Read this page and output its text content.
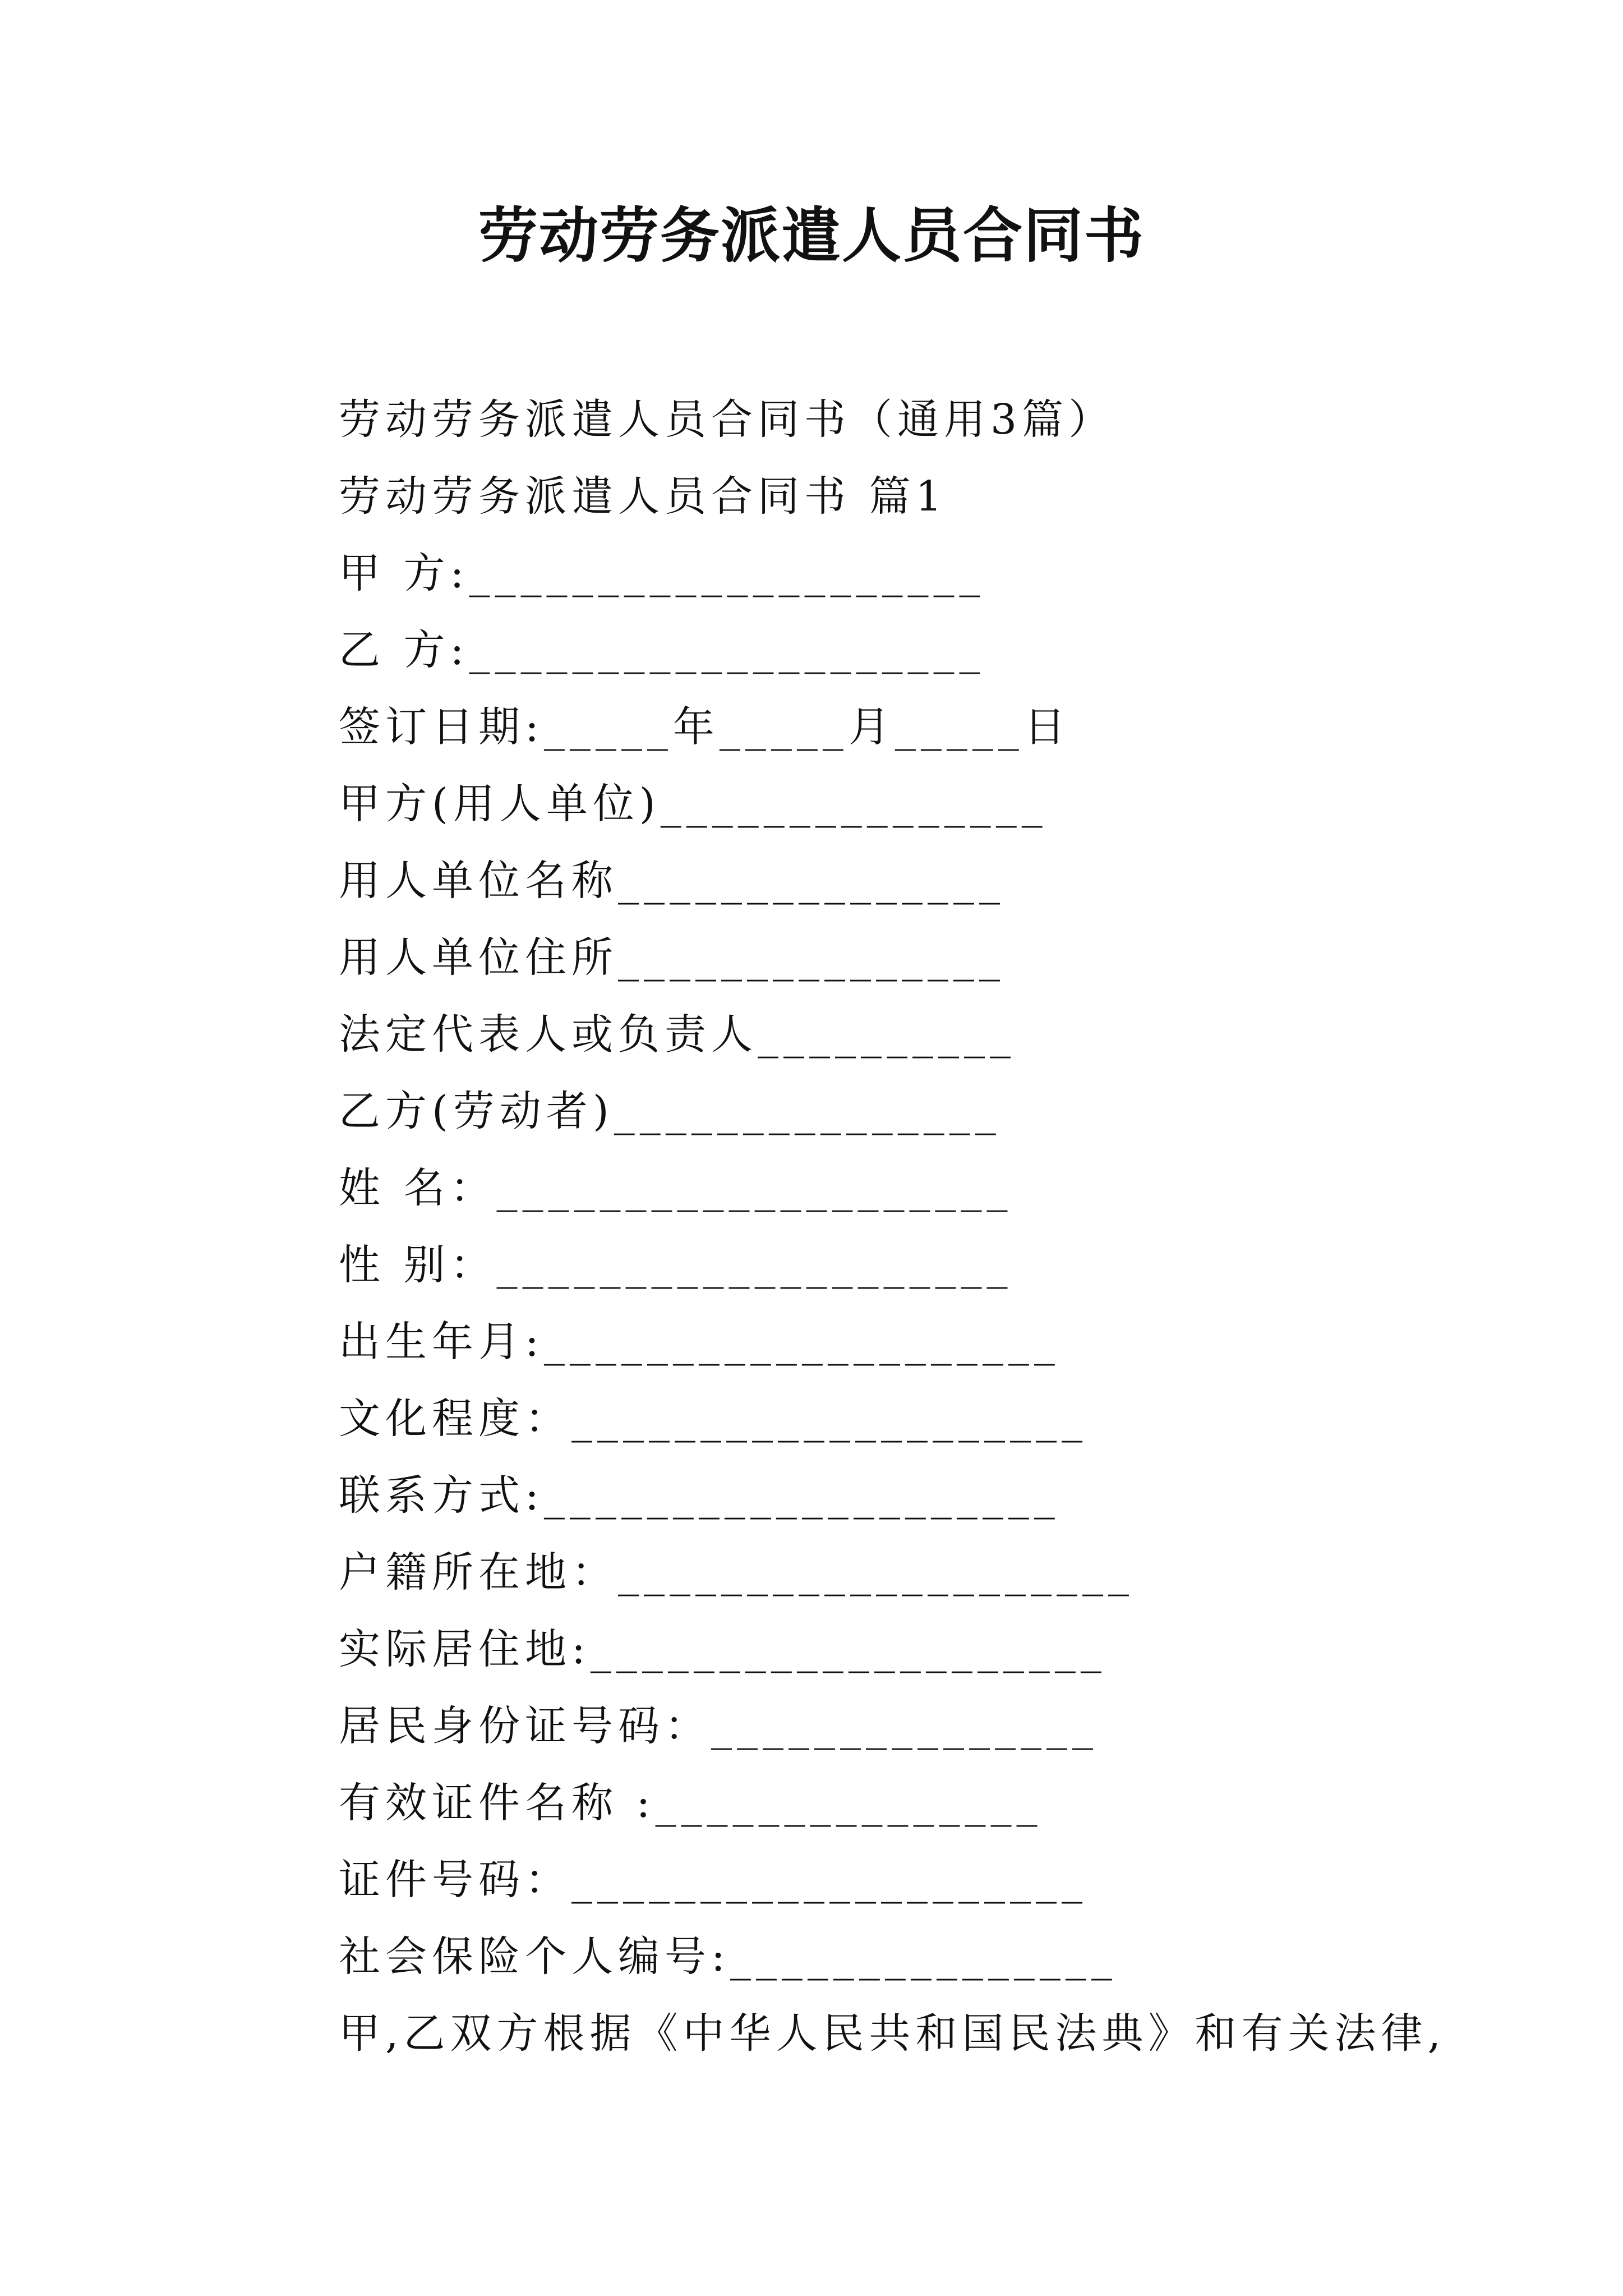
劳动劳务派遣人员合同书
劳动劳务派遣人员合同书（通用3篇）
劳动劳务派遣人员合同书 篇1
甲 方:____________________
乙 方:____________________
签订日期:_____年_____月_____日
甲方(用人单位)_______________
用人单位名称_______________
用人单位住所_______________
法定代表人或负责人__________
乙方(劳动者)_______________
姓 名：____________________
性 别：____________________
出生年月:____________________
文化程度：____________________
联系方式:____________________
户籍所在地：____________________
实际居住地:____________________
居民身份证号码：_______________
有效证件名称 :_______________
证件号码：____________________
社会保险个人编号:_______________
甲,乙双方根据《中华人民共和国民法典》和有关法律,
